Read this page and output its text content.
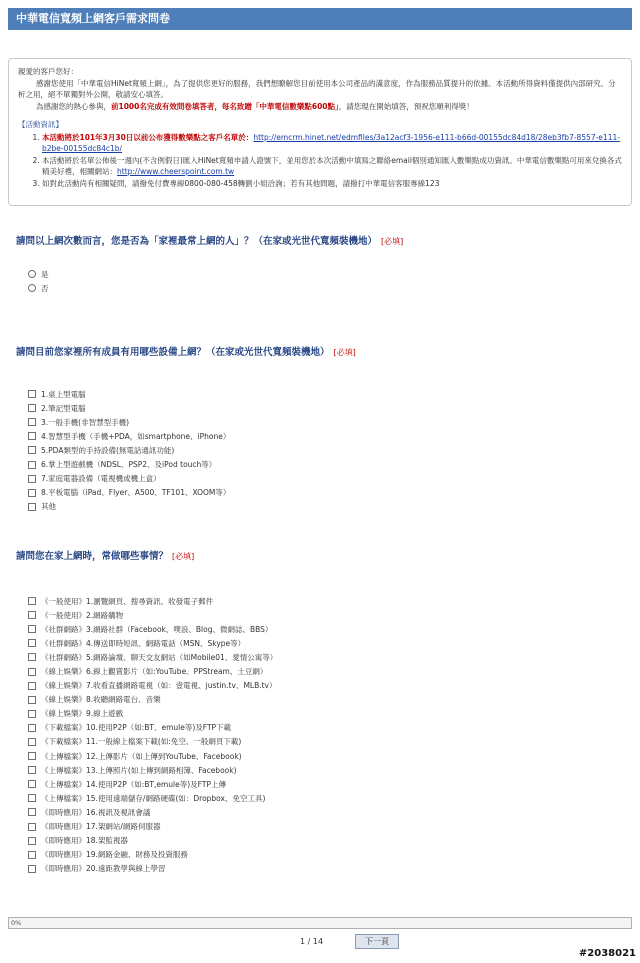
中華電信寬頻上網客戶需求問卷

親愛的客戶您好：

感謝您使用「中華電信HiNet寬頻上網」，為了提供您更好的服務，我們想瞭解您目前使用本公司產品的滿意度，作為服務品質提升的依據。本活動所得資料僅提供內部研究、分析之用，絕不單獨對外公開，敬請安心填答。

為感謝您的熱心參與，前1000名完成有效問卷填答者，每名致贈「中華電信數樂點600點」，請您現在開始填答，預祝您順利得獎！

【活動資訊】

1. 本活動將於101年3月30日以前公布獲得數樂點之客戶名單於：http://emcrm.hinet.net/edmfiles/3a12acf3-1956-e111-b66d-00155dc84d18/28eb3fb7-8557-e111-b2be-00155dc84c1b/
2. 本活動將於名單公佈後一週內(不含例假日)匯入HiNet寬頻申請人證號下，並用您於本次活動中填寫之聯絡email個別通知匯入數樂點成功資訊。中華電信數樂點可用來兌換各式精美好禮，相關網站：http://www.cheerspoint.com.tw
3. 如對此活動尚有相關疑問，請撥免付費專線0800-080-458轉劉小姐洽詢；若有其他問題，請撥打中華電信客服專線123
請問以上網次數而言，您是否為「家裡最常上網的人」？（在家或光世代寬頻裝機地） [必填]
是
否
請問目前您家裡所有成員有用哪些設備上網？（在家或光世代寬頻裝機地） [必填]
1.桌上型電腦
2.筆記型電腦
3.一般手機(非智慧型手機)
4.智慧型手機（手機+PDA，如smartphone、iPhone）
5.PDA類型的手持設備(無電話通訊功能)
6.掌上型遊戲機（NDSL、PSP2、及iPod touch等）
7.家庭電器設備（電視機或機上盒）
8.平板電腦（iPad、Flyer、A500、TF101、XOOM等）
其他
請問您在家上網時，常做哪些事情？ [必填]
《一般使用》1.瀏覽網頁、搜尋資訊、收發電子郵件
《一般使用》2.網路購物
《社群網路》3.網路社群（Facebook、噗浪、Blog、微網誌、BBS）
《社群網路》4.傳送即時短訊、網路電話（MSN、Skype等）
《社群網路》5.網路論壇、聊天交友網站（如Mobile01、愛情公寓等）
《線上娛樂》6.線上觀賞影片（如:YouTube、PPStream、土豆網）
《線上娛樂》7.收看直播網路電視（如：壹電視、justin.tv、MLB.tv）
《線上娛樂》8.收聽網路電台、音樂
《線上娛樂》9.線上遊戲
《下載檔案》10.使用P2P（如:BT、emule等)及FTP下載
《下載檔案》11.一般線上檔案下載(如:免空、一般網頁下載)
《上傳檔案》12.上傳影片（如上傳到YouTube、Facebook)
《上傳檔案》13.上傳照片(如上傳到網路相簿、Facebook)
《上傳檔案》14.使用P2P（如:BT,emule等)及FTP上傳
《上傳檔案》15.使用遠端儲存/網路硬碟(如：Dropbox、免空工具)
《即時應用》16.視訊及視訊會議
《即時應用》17.架網站/網路伺服器
《即時應用》18.架監視器
《即時應用》19.網路金融、財務及投資服務
《即時應用》20.遠距教學與線上學習
0%
1 / 14	下一頁
#2038021
